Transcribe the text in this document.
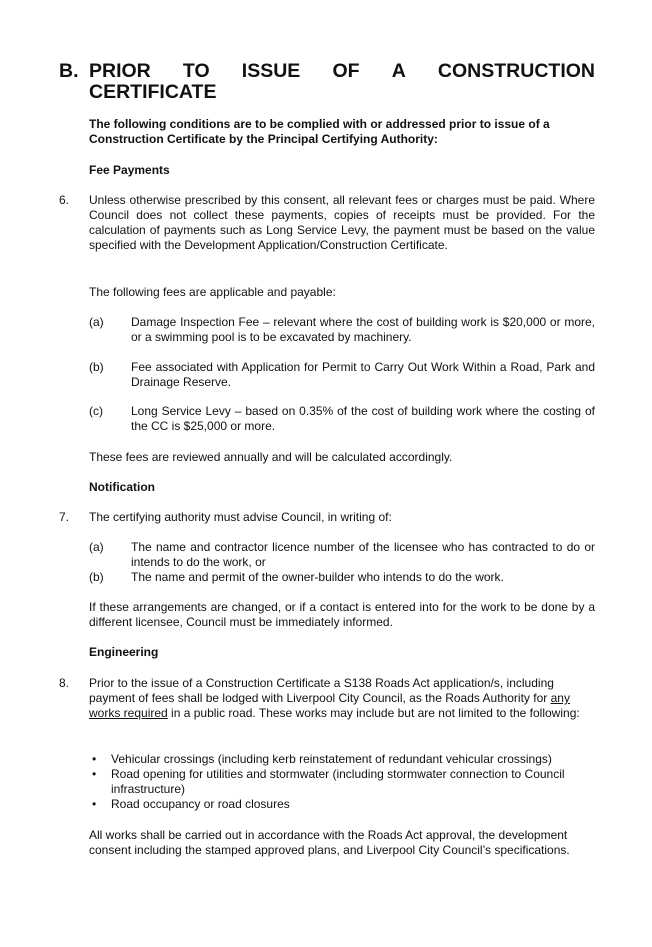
B. PRIOR TO ISSUE OF A CONSTRUCTION
CERTIFICATE
The following conditions are to be complied with or addressed prior to issue of a Construction Certificate by the Principal Certifying Authority:
Fee Payments
6. Unless otherwise prescribed by this consent, all relevant fees or charges must be paid. Where Council does not collect these payments, copies of receipts must be provided. For the calculation of payments such as Long Service Levy, the payment must be based on the value specified with the Development Application/Construction Certificate.
The following fees are applicable and payable:
(a) Damage Inspection Fee – relevant where the cost of building work is $20,000 or more, or a swimming pool is to be excavated by machinery.
(b) Fee associated with Application for Permit to Carry Out Work Within a Road, Park and Drainage Reserve.
(c) Long Service Levy – based on 0.35% of the cost of building work where the costing of the CC is $25,000 or more.
These fees are reviewed annually and will be calculated accordingly.
Notification
7. The certifying authority must advise Council, in writing of:
(a) The name and contractor licence number of the licensee who has contracted to do or intends to do the work, or
(b) The name and permit of the owner-builder who intends to do the work.
If these arrangements are changed, or if a contact is entered into for the work to be done by a different licensee, Council must be immediately informed.
Engineering
8. Prior to the issue of a Construction Certificate a S138 Roads Act application/s, including payment of fees shall be lodged with Liverpool City Council, as the Roads Authority for any works required in a public road. These works may include but are not limited to the following:
• Vehicular crossings (including kerb reinstatement of redundant vehicular crossings)
• Road opening for utilities and stormwater (including stormwater connection to Council infrastructure)
• Road occupancy or road closures
All works shall be carried out in accordance with the Roads Act approval, the development consent including the stamped approved plans, and Liverpool City Council’s specifications.
